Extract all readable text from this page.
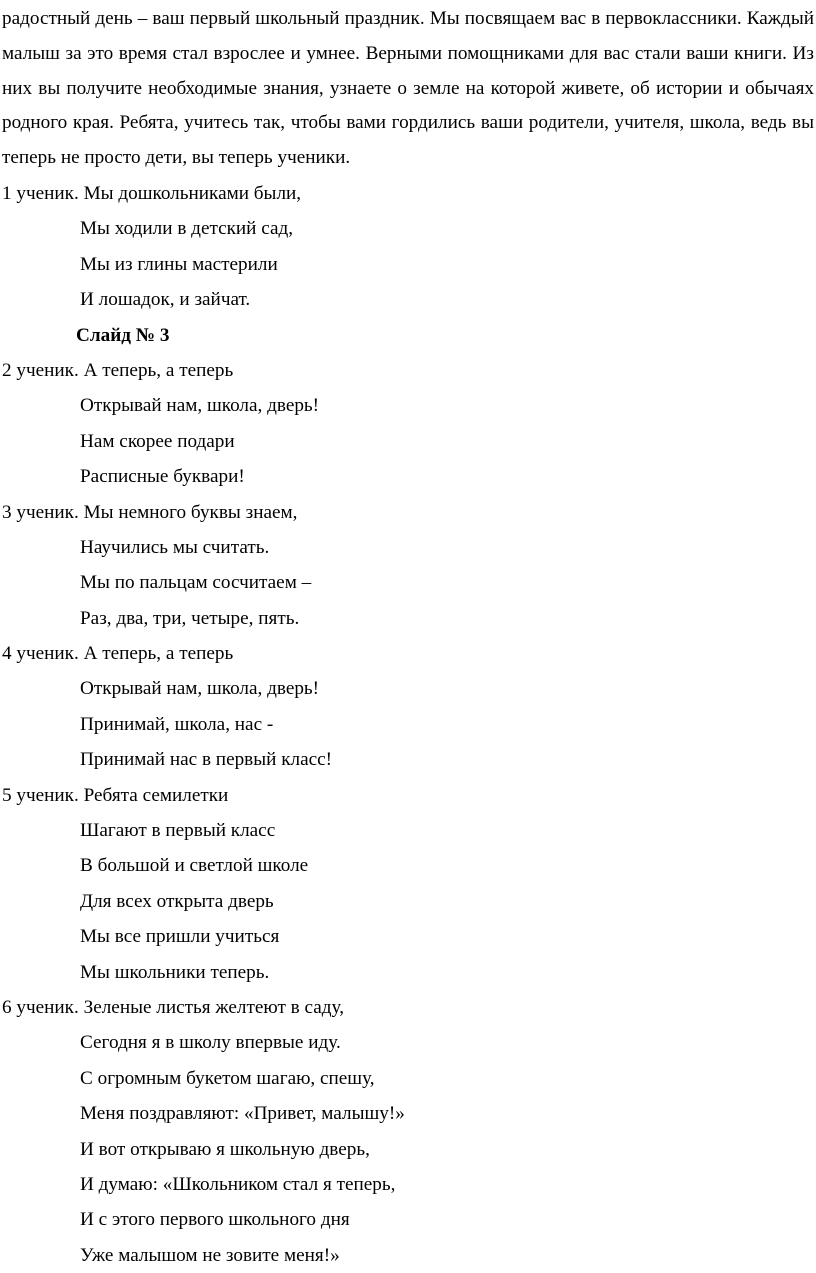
радостный день – ваш первый школьный праздник. Мы посвящаем вас в первоклассники. Каждый малыш за это время стал взрослее и умнее. Верными помощниками для вас стали ваши книги. Из них вы получите необходимые знания, узнаете о земле на которой живете, об истории и обычаях родного края. Ребята, учитесь так, чтобы вами гордились ваши родители, учителя, школа, ведь вы теперь не просто дети, вы теперь ученики.

1 ученик. Мы дошкольниками были,
Мы ходили в детский сад,
Мы из глины мастерили
И лошадок, и зайчат.
Слайд № 3
2 ученик. А теперь, а теперь
Открывай нам, школа, дверь!
Нам скорее подари
Расписные буквари!
3 ученик. Мы немного буквы знаем,
Научились мы считать.
Мы по пальцам сосчитаем –
Раз, два, три, четыре, пять.
4 ученик. А теперь, а теперь
Открывай нам, школа, дверь!
Принимай, школа, нас -
Принимай нас в первый класс!
5 ученик. Ребята семилетки
Шагают в первый класс
В большой и светлой школе
Для всех открыта дверь
Мы все пришли учиться
Мы школьники теперь.
6 ученик. Зеленые листья желтеют в саду,
Сегодня я в школу впервые иду.
С огромным букетом шагаю, спешу,
Меня поздравляют: «Привет, малышу!»
И вот открываю я школьную дверь,
И думаю: «Школьником стал я теперь,
И с этого первого школьного дня
Уже малышом не зовите меня!»
